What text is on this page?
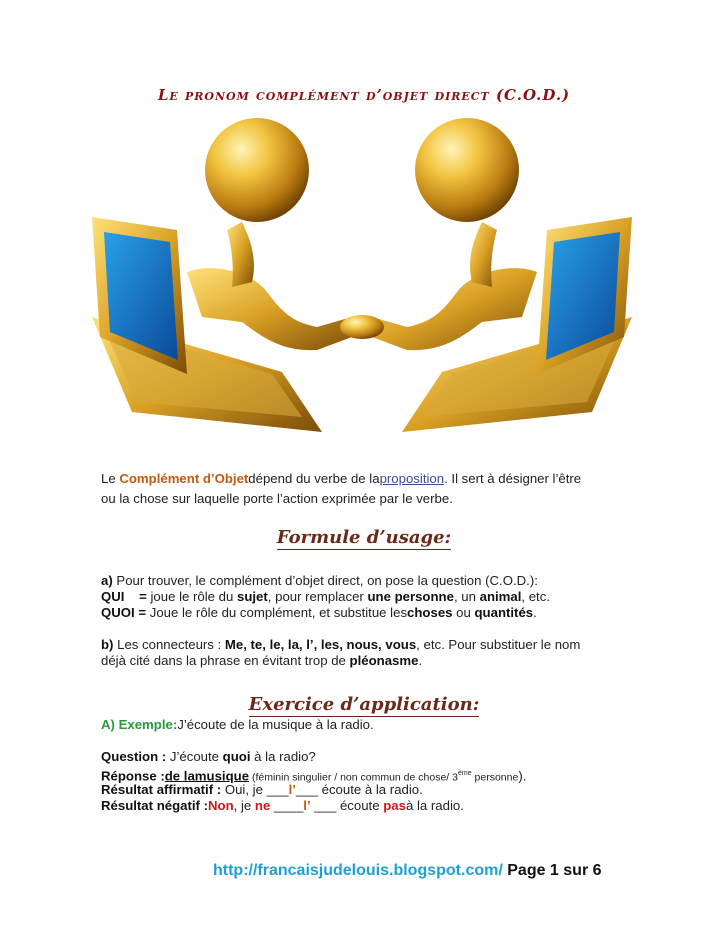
Le pronom complément d’objet direct (C.O.D.)
Le Complément d’Objetdépend du verbe de laproposition. Il sert à désigner l’être
ou la chose sur laquelle porte l’action exprimée par le verbe.
Formule d’usage:
a) Pour trouver, le complément d’objet direct, on pose la question (C.O.D.):
QUI    = joue le rôle du sujet, pour remplacer une personne, un animal, etc.
QUOI = Joue le rôle du complément, et substitue leschoses ou quantités.
b) Les connecteurs : Me, te, le, la, l’, les, nous, vous, etc. Pour substituer le nom
déjà cité dans la phrase en évitant trop de pléonasme.
Exercice d’application:
A) Exemple:J’écoute de la musique à la radio.
Question : J’écoute quoi à la radio?
Réponse :de lamusique (féminin singulier / non commun de chose/ 3ème personne).
Résultat affirmatif : Oui, je ___l’___ écoute à la radio.
Résultat négatif :Non, je ne ____l’ ___ écoute pasà la radio.
http://francaisjudelouis.blogspot.com/ Page 1 sur 6
